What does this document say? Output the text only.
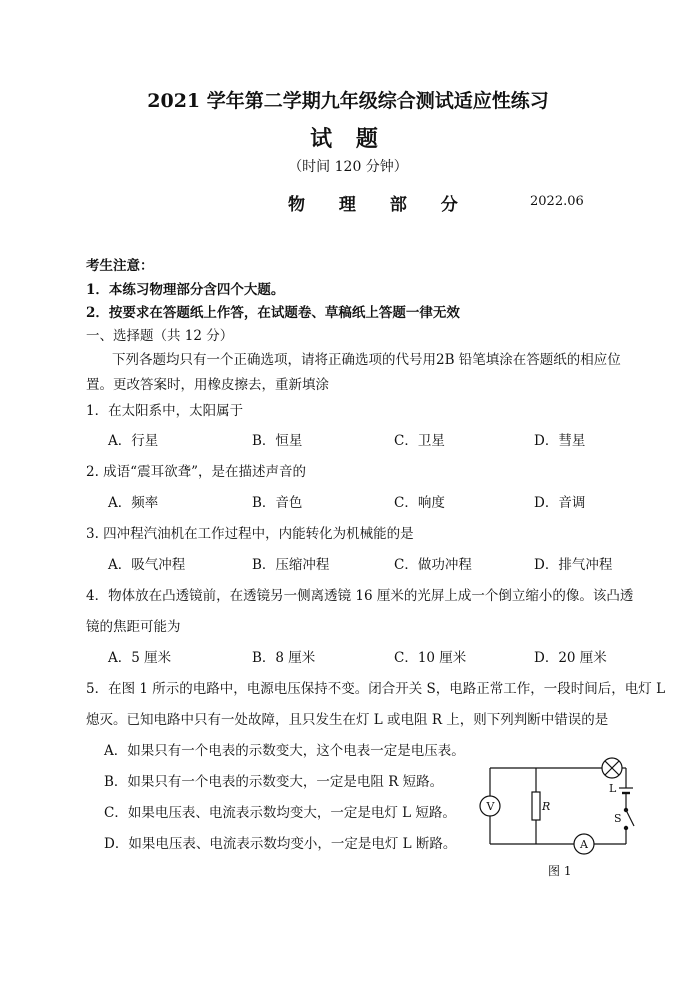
2021 学年第二学期九年级综合测试适应性练习
试 题
（时间 120 分钟）
物 理 部 分	2022.06
考生注意：
1．本练习物理部分含四个大题。
2．按要求在答题纸上作答，在试题卷、草稿纸上答题一律无效
一、选择题（共 12 分）
下列各题均只有一个正确选项，请将正确选项的代号用2B 铅笔填涂在答题纸的相应位
置。更改答案时，用橡皮擦去，重新填涂
1．在太阳系中，太阳属于
A．行星	B．恒星	C．卫星	D．彗星
2. 成语“震耳欲聋”，是在描述声音的
A．频率	B．音色	C．响度	D．音调
3. 四冲程汽油机在工作过程中，内能转化为机械能的是
A．吸气冲程	B．压缩冲程	C．做功冲程	D．排气冲程
4．物体放在凸透镜前，在透镜另一侧离透镜 16 厘米的光屏上成一个倒立缩小的像。该凸透
镜的焦距可能为
A．5 厘米	B．8 厘米	C．10 厘米	D．20 厘米
5．在图 1 所示的电路中，电源电压保持不变。闭合开关 S，电路正常工作，一段时间后，电灯 L
熄灭。已知电路中只有一处故障，且只发生在灯 L 或电阻 R 上，则下列判断中错误的是
A．如果只有一个电表的示数变大，这个电表一定是电压表。
B．如果只有一个电表的示数变大，一定是电阻 R 短路。
C．如果电压表、电流表示数均变大，一定是电灯 L 短路。
D．如果电压表、电流表示数均变小，一定是电灯 L 断路。
V
A
R
L
S
图 1
